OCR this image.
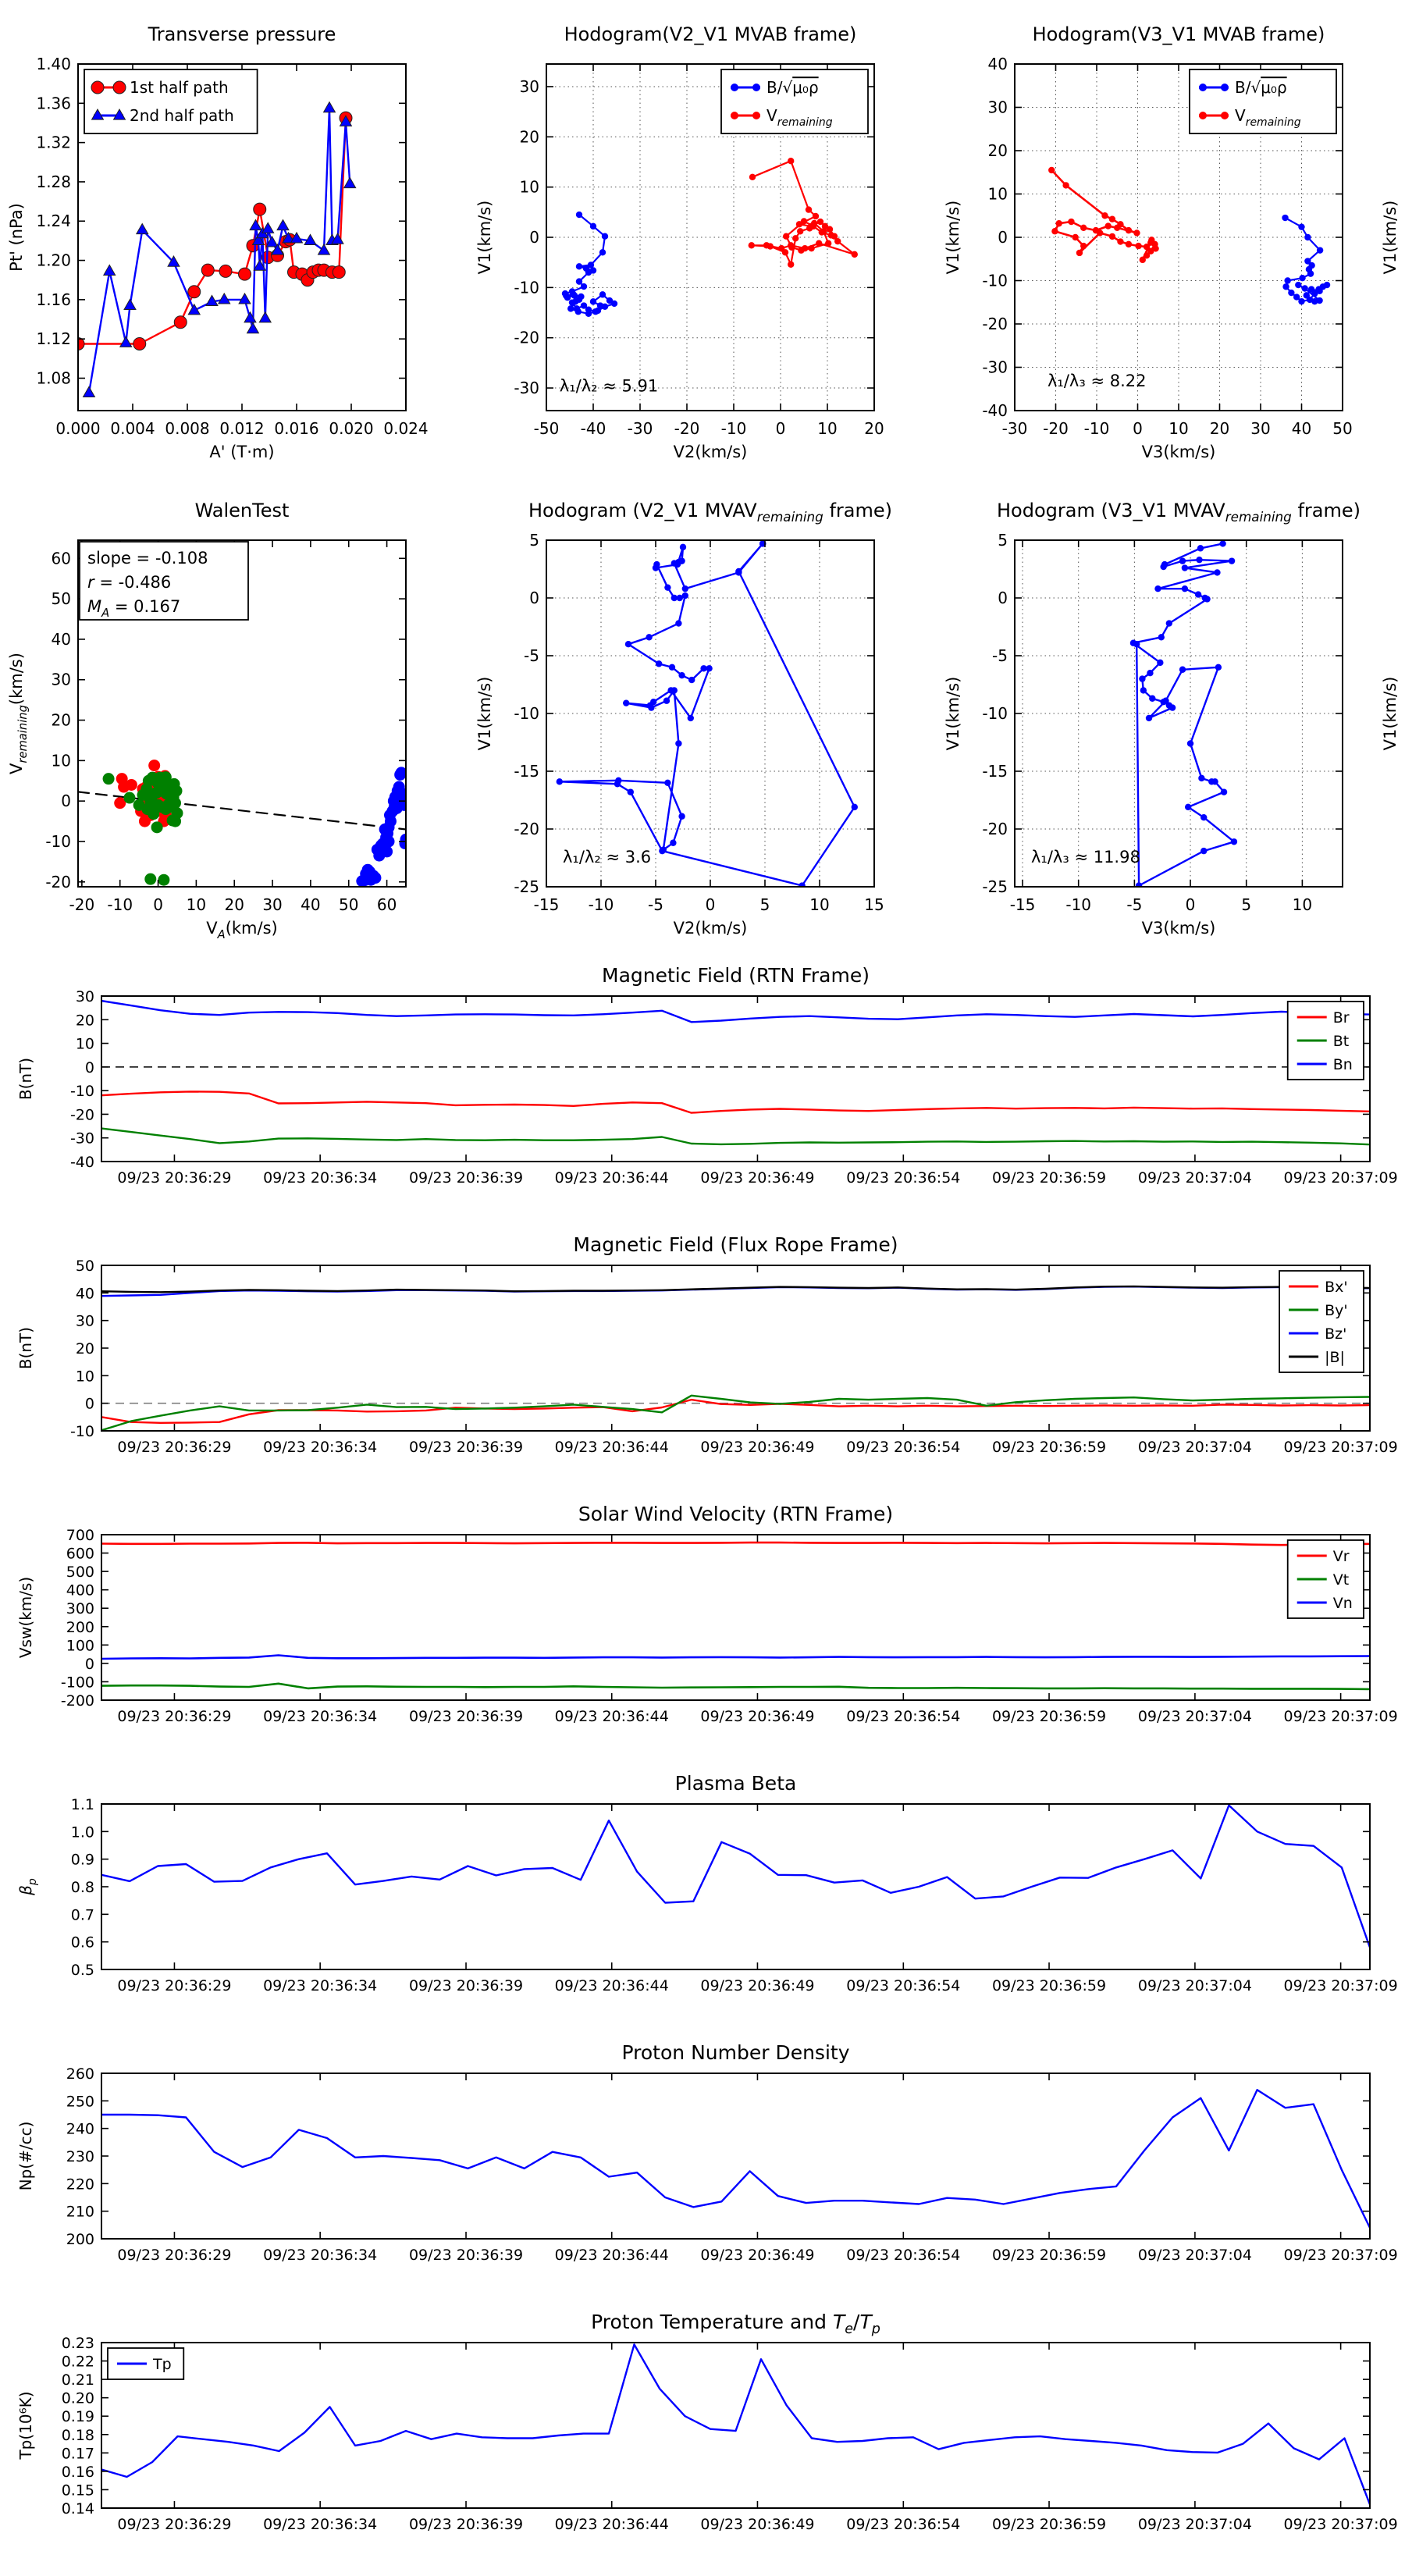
0.000 0.004 0.008 0.012 0.016 0.020 0.024
1.08
1.12
1.16
1.20
1.24
1.28
1.32
1.36
1.40
Transverse pressure
A' (T·m)
Pt' (nPa)
1st half path
2nd half path
-50 -40 -30 -20 -10 0 10 20
-30
-20
-10
0
10
20
30
Hodogram(V2_V1 MVAB frame)
V2(km/s)
V1(km/s)
B/√μ₀ρ
$V_{remaining}$
λ₁/λ₂ ≈ 5.91
-30 -20 -10 0 10 20 30 40 50
-40
-30
-20
-10
0
10
20
30
40
Hodogram(V3_V1 MVAB frame)
V3(km/s)
V1(km/s)	V1(km/s)
B/√μ₀ρ
$V_{remaining}$
λ₁/λ₃ ≈ 8.22
-20 -10 0 10 20 30 40 50 60
-20
-10
0
10
20
30
40
50
60
WalenTest
$V_A(km/s)$
$V_{remaining}(km/s)$
slope = -0.108
r = -0.486
$M_A = 0.167$
-15 -10 -5	0	5	10 15
-25
-20
-15
-10
-5
0
5
Hodogram (V2_V1 $MVAV_{remaining}$ frame)
V2(km/s)
V1(km/s)
λ₁/λ₂ ≈ 3.6
-15 -10 -5	0	5	10
-25
-20
-15
-10
-5
0
5
Hodogram (V3_V1 $MVAV_{remaining}$ frame)
V3(km/s)
V1(km/s)	V1(km/s)
λ₁/λ₃ ≈ 11.98
09/23 20:36:29 09/23 20:36:34 09/23 20:36:39 09/23 20:36:44 09/23 20:36:49 09/23 20:36:54 09/23 20:36:59 09/23 20:37:04 09/23 20:37:09
-40
-30
-20
-10
0
10
20
30
Magnetic Field (RTN Frame)
B(nT)
Br
Bt
Bn
09/23 20:36:29 09/23 20:36:34 09/23 20:36:39 09/23 20:36:44 09/23 20:36:49 09/23 20:36:54 09/23 20:36:59 09/23 20:37:04 09/23 20:37:09
-10
0
10
20
30
40
50
Magnetic Field (Flux Rope Frame)
B(nT)
Bx'
By'
Bz'
|B|
09/23 20:36:29 09/23 20:36:34 09/23 20:36:39 09/23 20:36:44 09/23 20:36:49 09/23 20:36:54 09/23 20:36:59 09/23 20:37:04 09/23 20:37:09
-200
-100
0
100
200
300
400
500
600
700
Solar Wind Velocity (RTN Frame)
Vsw(km/s)
Vr
Vt
Vn
09/23 20:36:29 09/23 20:36:34 09/23 20:36:39 09/23 20:36:44 09/23 20:36:49 09/23 20:36:54 09/23 20:36:59 09/23 20:37:04 09/23 20:37:09
0.5
0.6
0.7
0.8
0.9
1.0
1.1
Plasma Beta
$\beta_p$
09/23 20:36:29 09/23 20:36:34 09/23 20:36:39 09/23 20:36:44 09/23 20:36:49 09/23 20:36:54 09/23 20:36:59 09/23 20:37:04 09/23 20:37:09
200
210
220
230
240
250
260
Proton Number Density
Np(#/cc)
09/23 20:36:29 09/23 20:36:34 09/23 20:36:39 09/23 20:36:44 09/23 20:36:49 09/23 20:36:54 09/23 20:36:59 09/23 20:37:04 09/23 20:37:09
0.14
0.15
0.16
0.17
0.18
0.19
0.20
0.21
0.22
0.23
Proton Temperature and $T_e/T_p$
Tp(10⁶K)
Tp
